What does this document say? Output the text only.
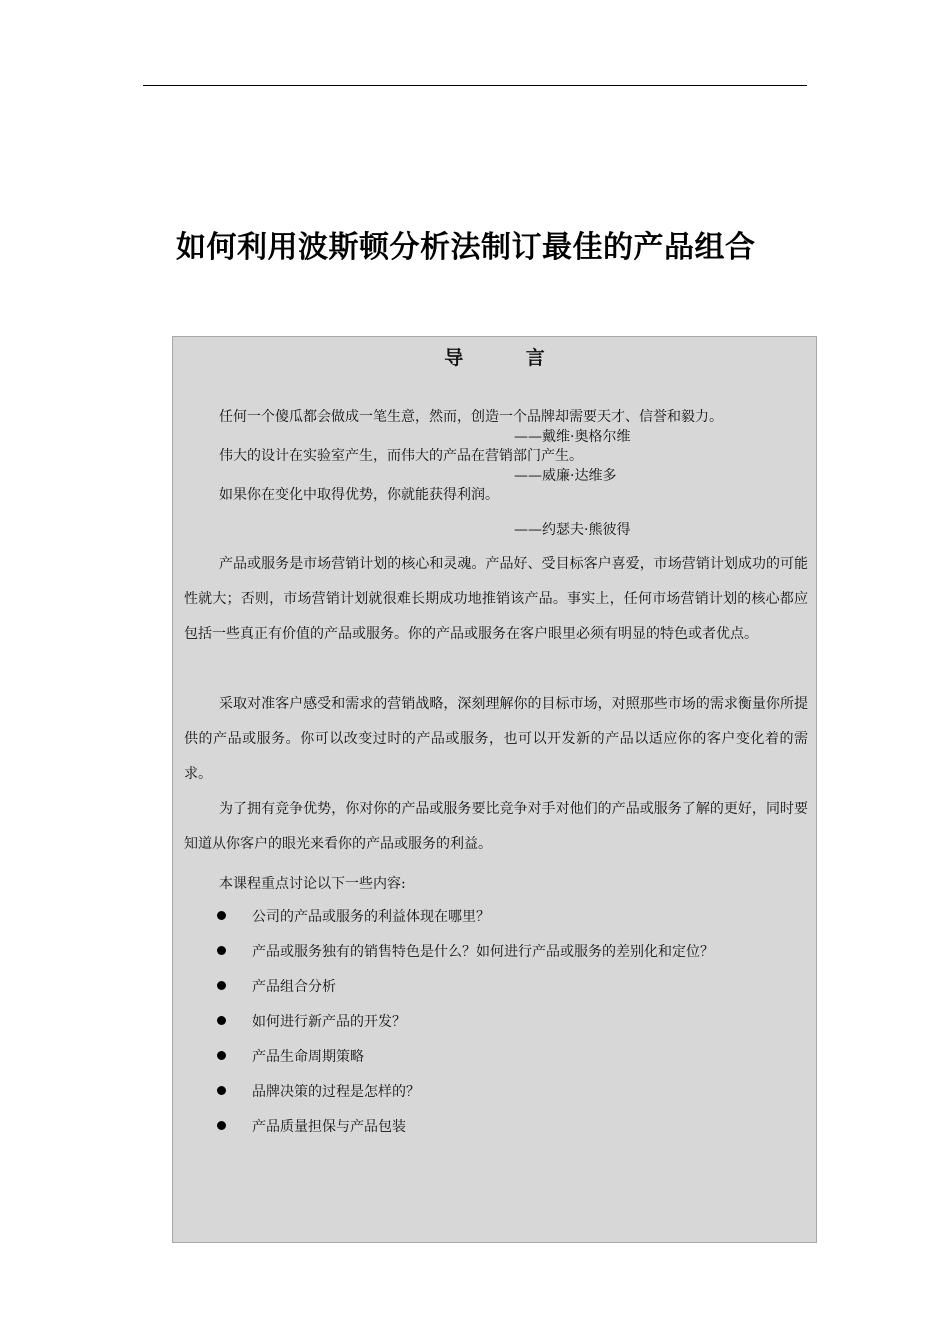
如何利用波斯顿分析法制订最佳的产品组合
导 言
任何一个傻瓜都会做成一笔生意，然而，创造一个品牌却需要天才、信誉和毅力。
——戴维·奥格尔维
伟大的设计在实验室产生，而伟大的产品在营销部门产生。
——威廉·达维多
如果你在变化中取得优势，你就能获得利润。
——约瑟夫·熊彼得

产品或服务是市场营销计划的核心和灵魂。产品好、受目标客户喜爱，市场营销计划成功的可能性就大；否则，市场营销计划就很难长期成功地推销该产品。事实上，任何市场营销计划的核心都应包括一些真正有价值的产品或服务。你的产品或服务在客户眼里必须有明显的特色或者优点。

采取对准客户感受和需求的营销战略，深刻理解你的目标市场，对照那些市场的需求衡量你所提供的产品或服务。你可以改变过时的产品或服务，也可以开发新的产品以适应你的客户变化着的需求。

为了拥有竞争优势，你对你的产品或服务要比竞争对手对他们的产品或服务了解的更好，同时要知道从你客户的眼光来看你的产品或服务的利益。

本课程重点讨论以下一些内容:
公司的产品或服务的利益体现在哪里？
产品或服务独有的销售特色是什么？如何进行产品或服务的差别化和定位？
产品组合分析
如何进行新产品的开发？
产品生命周期策略
品牌决策的过程是怎样的？
产品质量担保与产品包装
